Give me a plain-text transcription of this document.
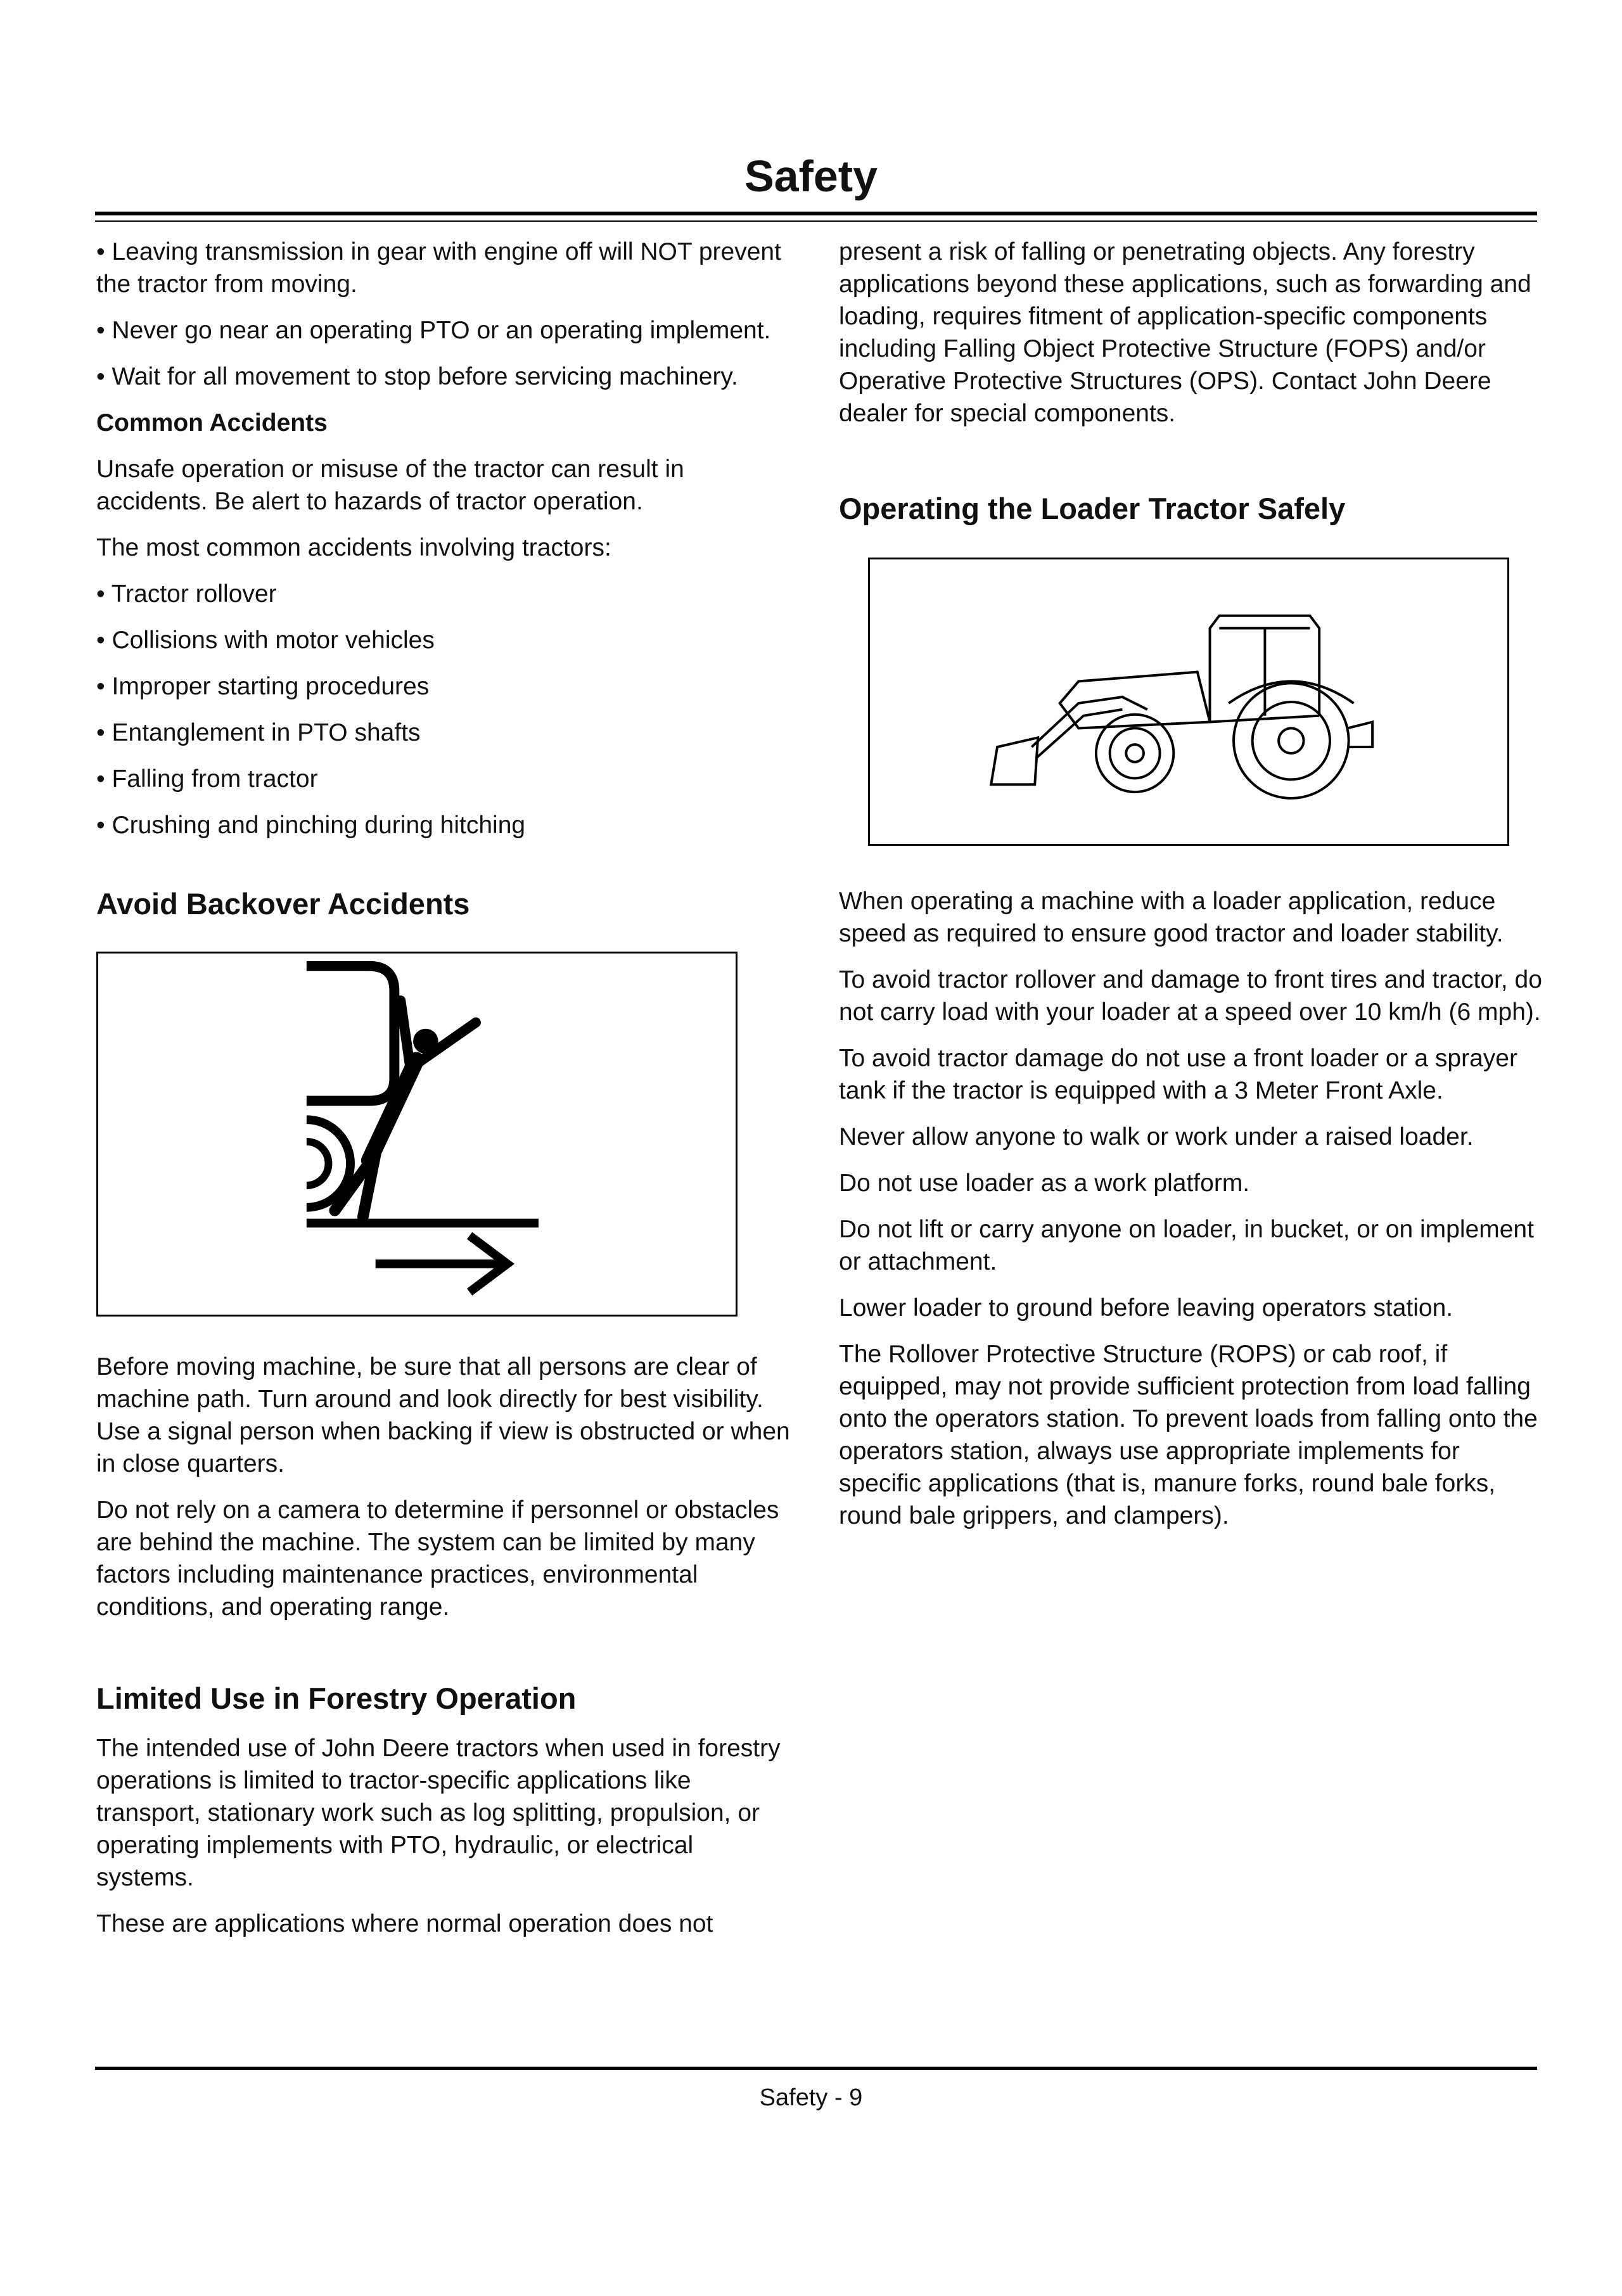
Safety

• Leaving transmission in gear with engine off will NOT prevent the tractor from moving.

• Never go near an operating PTO or an operating implement.

• Wait for all movement to stop before servicing machinery.

Common Accidents

Unsafe operation or misuse of the tractor can result in accidents. Be alert to hazards of tractor operation.

The most common accidents involving tractors:

• Tractor rollover

• Collisions with motor vehicles

• Improper starting procedures

• Entanglement in PTO shafts

• Falling from tractor

• Crushing and pinching during hitching

Avoid Backover Accidents

Before moving machine, be sure that all persons are clear of machine path. Turn around and look directly for best visibility. Use a signal person when backing if view is obstructed or when in close quarters.

Do not rely on a camera to determine if personnel or obstacles are behind the machine. The system can be limited by many factors including maintenance practices, environmental conditions, and operating range.

Limited Use in Forestry Operation

The intended use of John Deere tractors when used in forestry operations is limited to tractor-specific applications like transport, stationary work such as log splitting, propulsion, or operating implements with PTO, hydraulic, or electrical systems.

These are applications where normal operation does not

present a risk of falling or penetrating objects. Any forestry applications beyond these applications, such as forwarding and loading, requires fitment of application-specific components including Falling Object Protective Structure (FOPS) and/or Operative Protective Structures (OPS). Contact John Deere dealer for special components.

Operating the Loader Tractor Safely

When operating a machine with a loader application, reduce speed as required to ensure good tractor and loader stability.

To avoid tractor rollover and damage to front tires and tractor, do not carry load with your loader at a speed over 10 km/h (6 mph).

To avoid tractor damage do not use a front loader or a sprayer tank if the tractor is equipped with a 3 Meter Front Axle.

Never allow anyone to walk or work under a raised loader.

Do not use loader as a work platform.

Do not lift or carry anyone on loader, in bucket, or on implement or attachment.

Lower loader to ground before leaving operators station.

The Rollover Protective Structure (ROPS) or cab roof, if equipped, may not provide sufficient protection from load falling onto the operators station. To prevent loads from falling onto the operators station, always use appropriate implements for specific applications (that is, manure forks, round bale forks, round bale grippers, and clampers).

Safety - 9
